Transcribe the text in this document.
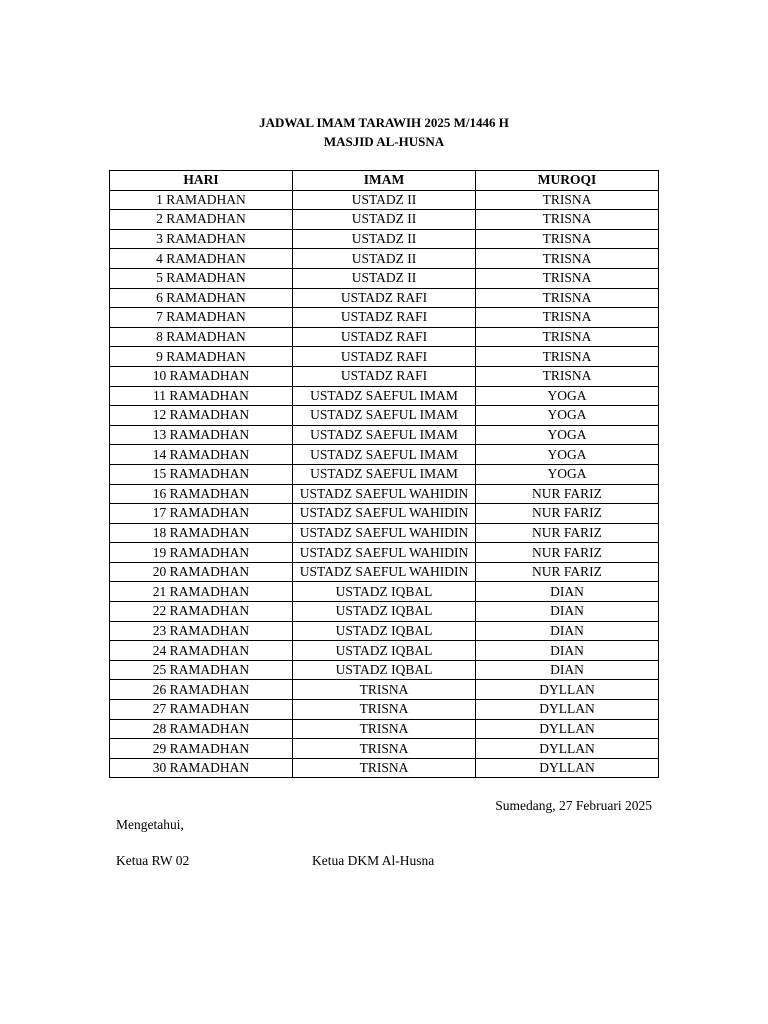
JADWAL IMAM TARAWIH 2025 M/1446 H
MASJID AL-HUSNA
HARI	IMAM	MUROQI
1 RAMADHAN	USTADZ II	TRISNA
2 RAMADHAN	USTADZ II	TRISNA
3 RAMADHAN	USTADZ II	TRISNA
4 RAMADHAN	USTADZ II	TRISNA
5 RAMADHAN	USTADZ II	TRISNA
6 RAMADHAN	USTADZ RAFI	TRISNA
7 RAMADHAN	USTADZ RAFI	TRISNA
8 RAMADHAN	USTADZ RAFI	TRISNA
9 RAMADHAN	USTADZ RAFI	TRISNA
10 RAMADHAN	USTADZ RAFI	TRISNA
11 RAMADHAN	USTADZ SAEFUL IMAM	YOGA
12 RAMADHAN	USTADZ SAEFUL IMAM	YOGA
13 RAMADHAN	USTADZ SAEFUL IMAM	YOGA
14 RAMADHAN	USTADZ SAEFUL IMAM	YOGA
15 RAMADHAN	USTADZ SAEFUL IMAM	YOGA
16 RAMADHAN	USTADZ SAEFUL WAHIDIN	NUR FARIZ
17 RAMADHAN	USTADZ SAEFUL WAHIDIN	NUR FARIZ
18 RAMADHAN	USTADZ SAEFUL WAHIDIN	NUR FARIZ
19 RAMADHAN	USTADZ SAEFUL WAHIDIN	NUR FARIZ
20 RAMADHAN	USTADZ SAEFUL WAHIDIN	NUR FARIZ
21 RAMADHAN	USTADZ IQBAL	DIAN
22 RAMADHAN	USTADZ IQBAL	DIAN
23 RAMADHAN	USTADZ IQBAL	DIAN
24 RAMADHAN	USTADZ IQBAL	DIAN
25 RAMADHAN	USTADZ IQBAL	DIAN
26 RAMADHAN	TRISNA	DYLLAN
27 RAMADHAN	TRISNA	DYLLAN
28 RAMADHAN	TRISNA	DYLLAN
29 RAMADHAN	TRISNA	DYLLAN
30 RAMADHAN	TRISNA	DYLLAN
Sumedang, 27 Februari 2025
Mengetahui,
Ketua RW 02	Ketua DKM Al-Husna
